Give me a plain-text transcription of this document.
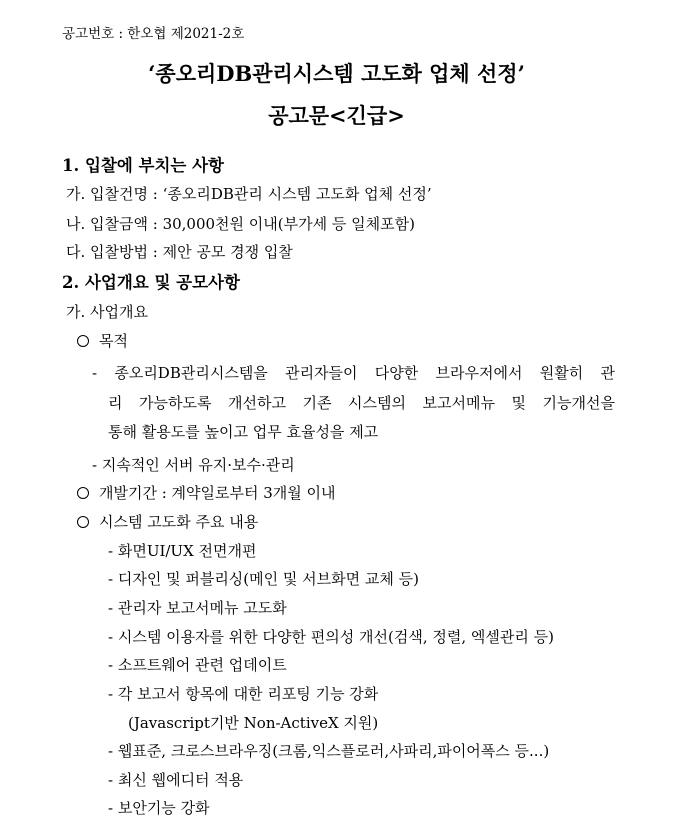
공고번호 : 한오협 제2021-2호
‘종오리DB관리시스템 고도화 업체 선정’
공고문<긴급>
1. 입찰에 부치는 사항
가. 입찰건명 : ‘종오리DB관리 시스템 고도화 업체 선정’
나. 입찰금액 : 30,000천원 이내(부가세 등 일체포함)
다. 입찰방법 : 제안 공모 경쟁 입찰
2. 사업개요 및 공모사항
가. 사업개요
목적
- 종오리DB관리시스템을 관리자들이 다양한 브라우저에서 원활히 관
리 가능하도록 개선하고 기존 시스템의 보고서메뉴 및 기능개선을
통해 활용도를 높이고 업무 효율성을 제고
- 지속적인 서버 유지·보수·관리
개발기간 : 계약일로부터 3개월 이내
시스템 고도화 주요 내용
- 화면UI/UX 전면개편
- 디자인 및 퍼블리싱(메인 및 서브화면 교체 등)
- 관리자 보고서메뉴 고도화
- 시스템 이용자를 위한 다양한 편의성 개선(검색, 정렬, 엑셀관리 등)
- 소프트웨어 관련 업데이트
- 각 보고서 항목에 대한 리포팅 기능 강화
(Javascript기반 Non-ActiveX 지원)
- 웹표준, 크로스브라우징(크롬,익스플로러,사파리,파이어폭스 등...)
- 최신 웹에디터 적용
- 보안기능 강화
